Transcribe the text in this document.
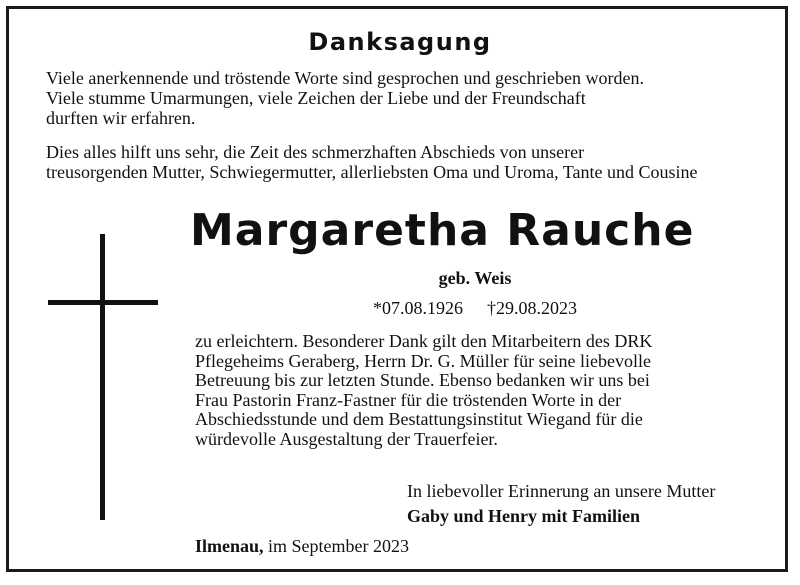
Danksagung
Viele anerkennende und tröstende Worte sind gesprochen und geschrieben worden.
Viele stumme Umarmungen, viele Zeichen der Liebe und der Freundschaft
durften wir erfahren.
Dies alles hilft uns sehr, die Zeit des schmerzhaften Abschieds von unserer
treusorgenden Mutter, Schwiegermutter, allerliebsten Oma und Uroma, Tante und Cousine
Margaretha Rauche
geb. Weis
*07.08.1926 †29.08.2023
zu erleichtern. Besonderer Dank gilt den Mitarbeitern des DRK
Pflegeheims Geraberg, Herrn Dr. G. Müller für seine liebevolle
Betreuung bis zur letzten Stunde. Ebenso bedanken wir uns bei
Frau Pastorin Franz-Fastner für die tröstenden Worte in der
Abschiedsstunde und dem Bestattungsinstitut Wiegand für die
würdevolle Ausgestaltung der Trauerfeier.
In liebevoller Erinnerung an unsere Mutter
Gaby und Henry mit Familien
Ilmenau, im September 2023
